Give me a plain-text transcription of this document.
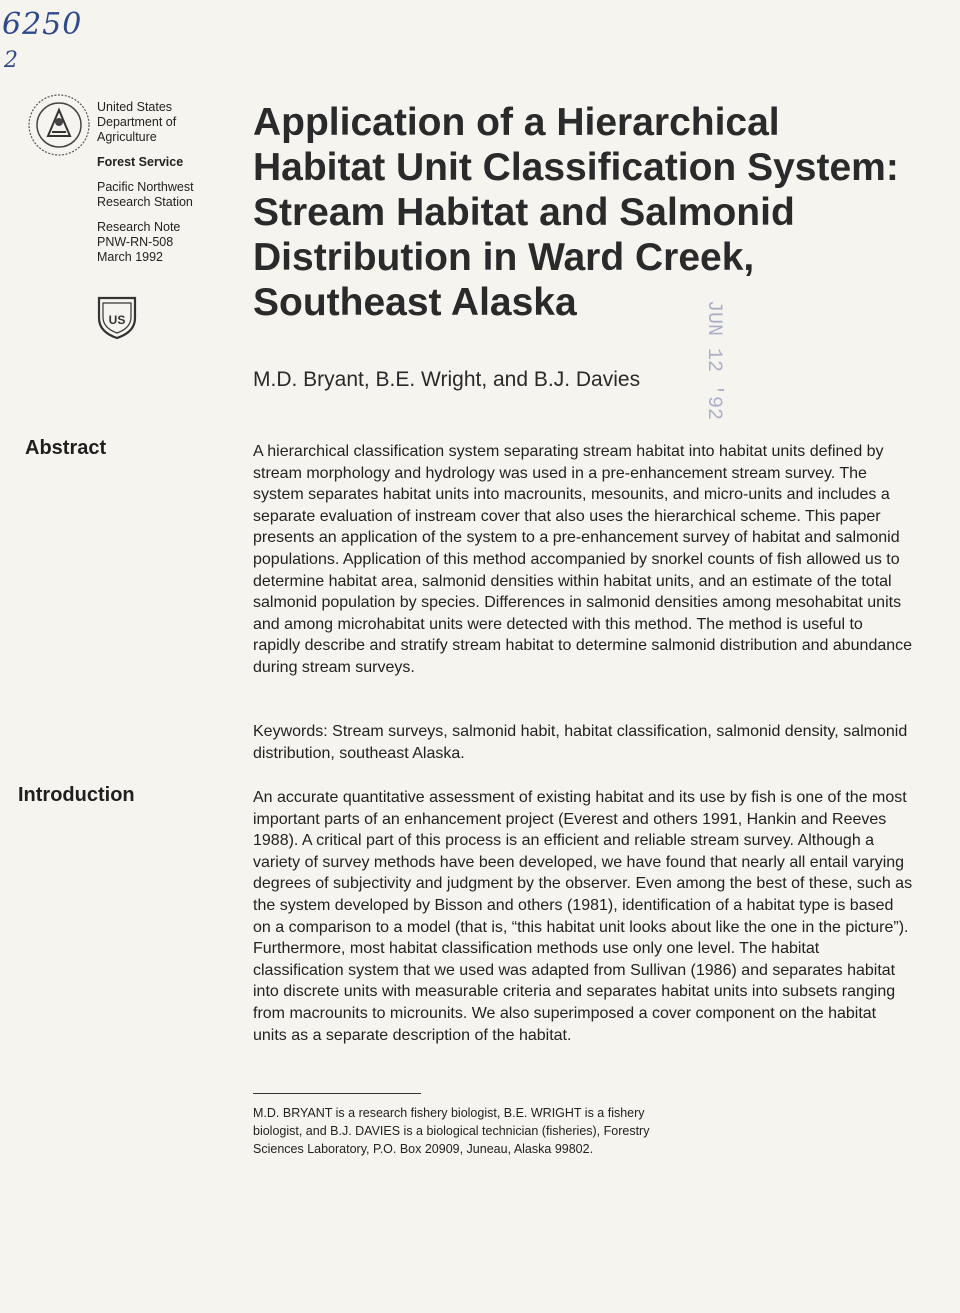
6250
2
United States
Department of
Agriculture
Forest Service
Pacific Northwest
Research Station
Research Note
PNW-RN-508
March 1992
US
Application of a Hierarchical
Habitat Unit Classification System:
Stream Habitat and Salmonid
Distribution in Ward Creek,
Southeast Alaska	JUN 12 '92
M.D. Bryant, B.E. Wright, and B.J. Davies
Abstract	A hierarchical classification system separating stream habitat into habitat units defined by stream morphology and hydrology was used in a pre-enhancement stream survey. The system separates habitat units into macrounits, mesounits, and micro-units and includes a separate evaluation of instream cover that also uses the hierarchical scheme. This paper presents an application of the system to a pre-enhancement survey of habitat and salmonid populations. Application of this method accompanied by snorkel counts of fish allowed us to determine habitat area, salmonid densities within habitat units, and an estimate of the total salmonid population by species. Differences in salmonid densities among mesohabitat units and among microhabitat units were detected with this method. The method is useful to rapidly describe and stratify stream habitat to determine salmonid distribution and abundance during stream surveys.
Keywords: Stream surveys, salmonid habit, habitat classification, salmonid density, salmonid distribution, southeast Alaska.
Introduction	An accurate quantitative assessment of existing habitat and its use by fish is one of the most important parts of an enhancement project (Everest and others 1991, Hankin and Reeves 1988). A critical part of this process is an efficient and reliable stream survey. Although a variety of survey methods have been developed, we have found that nearly all entail varying degrees of subjectivity and judgment by the observer. Even among the best of these, such as the system developed by Bisson and others (1981), identification of a habitat type is based on a comparison to a model (that is, “this habitat unit looks about like the one in the picture”). Furthermore, most habitat classification methods use only one level. The habitat classification system that we used was adapted from Sullivan (1986) and separates habitat into discrete units with measurable criteria and separates habitat units into subsets ranging from macrounits to microunits. We also superimposed a cover component on the habitat units as a separate description of the habitat.
M.D. BRYANT is a research fishery biologist, B.E. WRIGHT is a fishery biologist, and B.J. DAVIES is a biological technician (fisheries), Forestry Sciences Laboratory, P.O. Box 20909, Juneau, Alaska 99802.
